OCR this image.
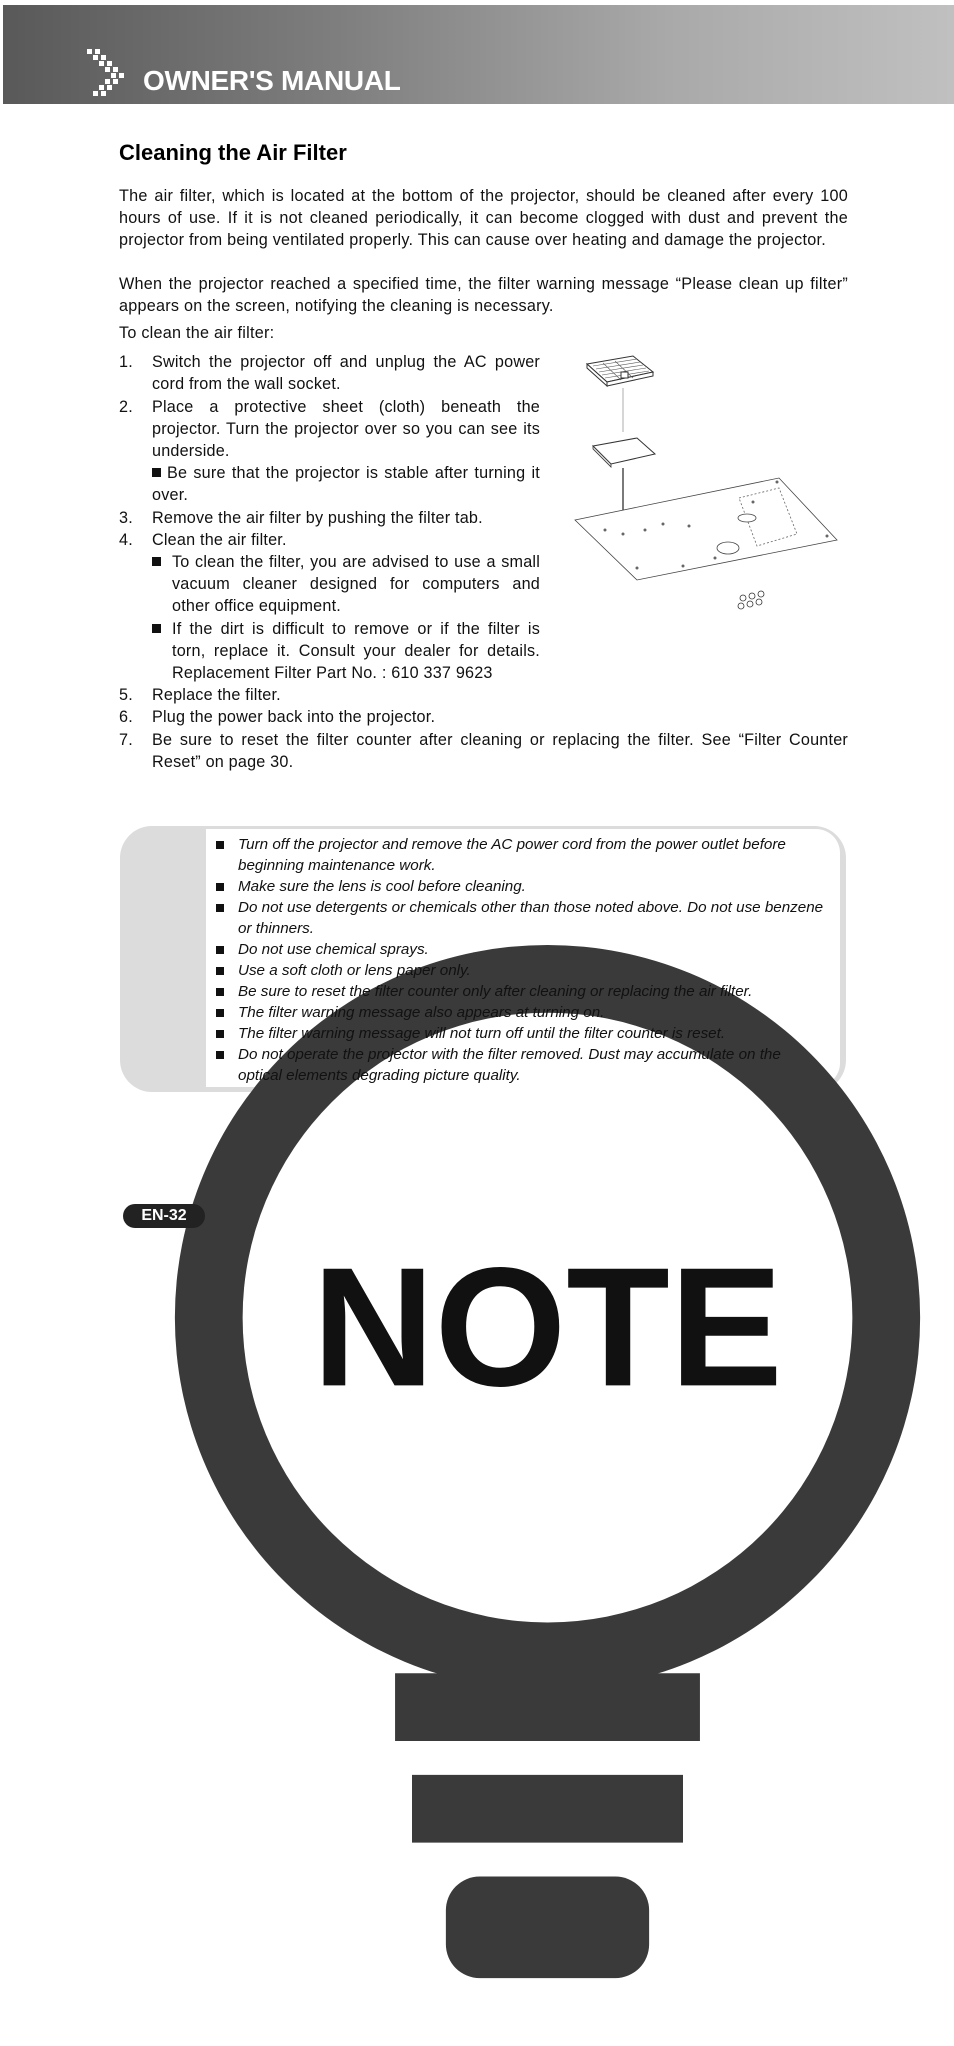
OWNER'S MANUAL
Cleaning the Air Filter
The air filter, which is located at the bottom of the projector, should be cleaned after every 100 hours of use. If it is not cleaned periodically, it can become clogged with dust and prevent the projector from being ventilated properly. This can cause over heating and damage the projector.
When the projector reached a specified time, the filter warning message “Please clean up filter” appears on the screen, notifying the cleaning is necessary.
To clean the air filter:
1. Switch the projector off and unplug the AC power cord from the wall socket.
2. Place a protective sheet (cloth) beneath the projector. Turn the projector over so you can see its underside.
Be sure that the projector is stable after turning it over.
3. Remove the air filter by pushing the filter tab.
4. Clean the air filter.
To clean the filter, you are advised to use a small vacuum cleaner designed for computers and other office equipment.
If the dirt is difficult to remove or if the filter is torn, replace it. Consult your dealer for details. Replacement Filter Part No. : 610 337 9623
5. Replace the filter.
6. Plug the power back into the projector.
7. Be sure to reset the filter counter after cleaning or replacing the filter. See “Filter Counter Reset” on page 30.
NOTE
Turn off the projector and remove the AC power cord from the power outlet before beginning maintenance work.
Make sure the lens is cool before cleaning.
Do not use detergents or chemicals other than those noted above. Do not use benzene or thinners.
Do not use chemical sprays.
Use a soft cloth or lens paper only.
Be sure to reset the filter counter only after cleaning or replacing the air filter.
The filter warning message also appears at turning on.
The filter warning message will not turn off until the filter counter is reset.
Do not operate the projector with the filter removed. Dust may accumulate on the optical elements degrading picture quality.
EN-32
